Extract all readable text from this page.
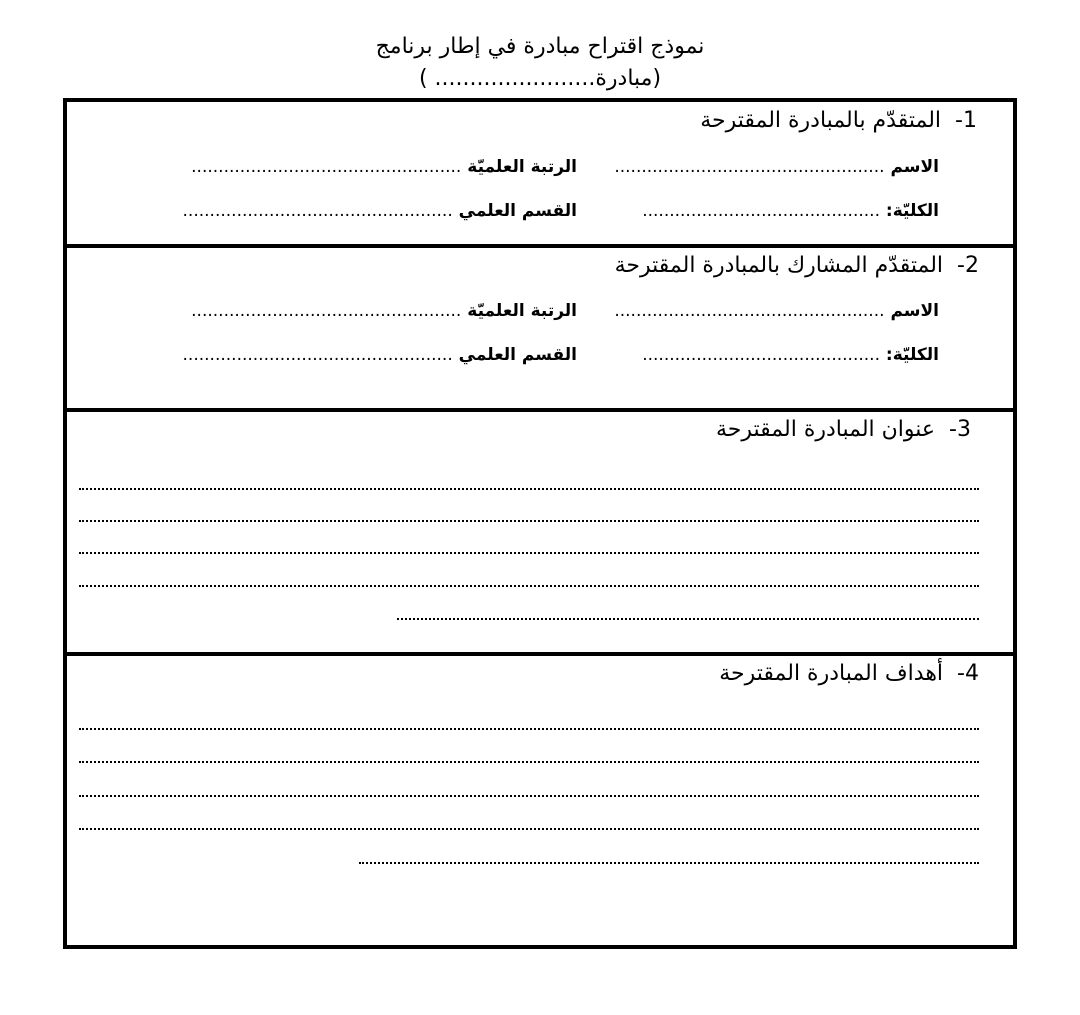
نموذج اقتراح مبادرة في إطار برنامج
(مبادرة....................... )
1-المتقدّم بالمبادرة المقترحة
الاسم ..................................................
الرتبة العلميّة ..................................................
الكليّة: ............................................
القسم العلمي ..................................................
2-المتقدّم المشارك بالمبادرة المقترحة
الاسم ..................................................
الرتبة العلميّة ..................................................
الكليّة: ............................................
القسم العلمي ..................................................
3-عنوان المبادرة المقترحة
4-أهداف المبادرة المقترحة
